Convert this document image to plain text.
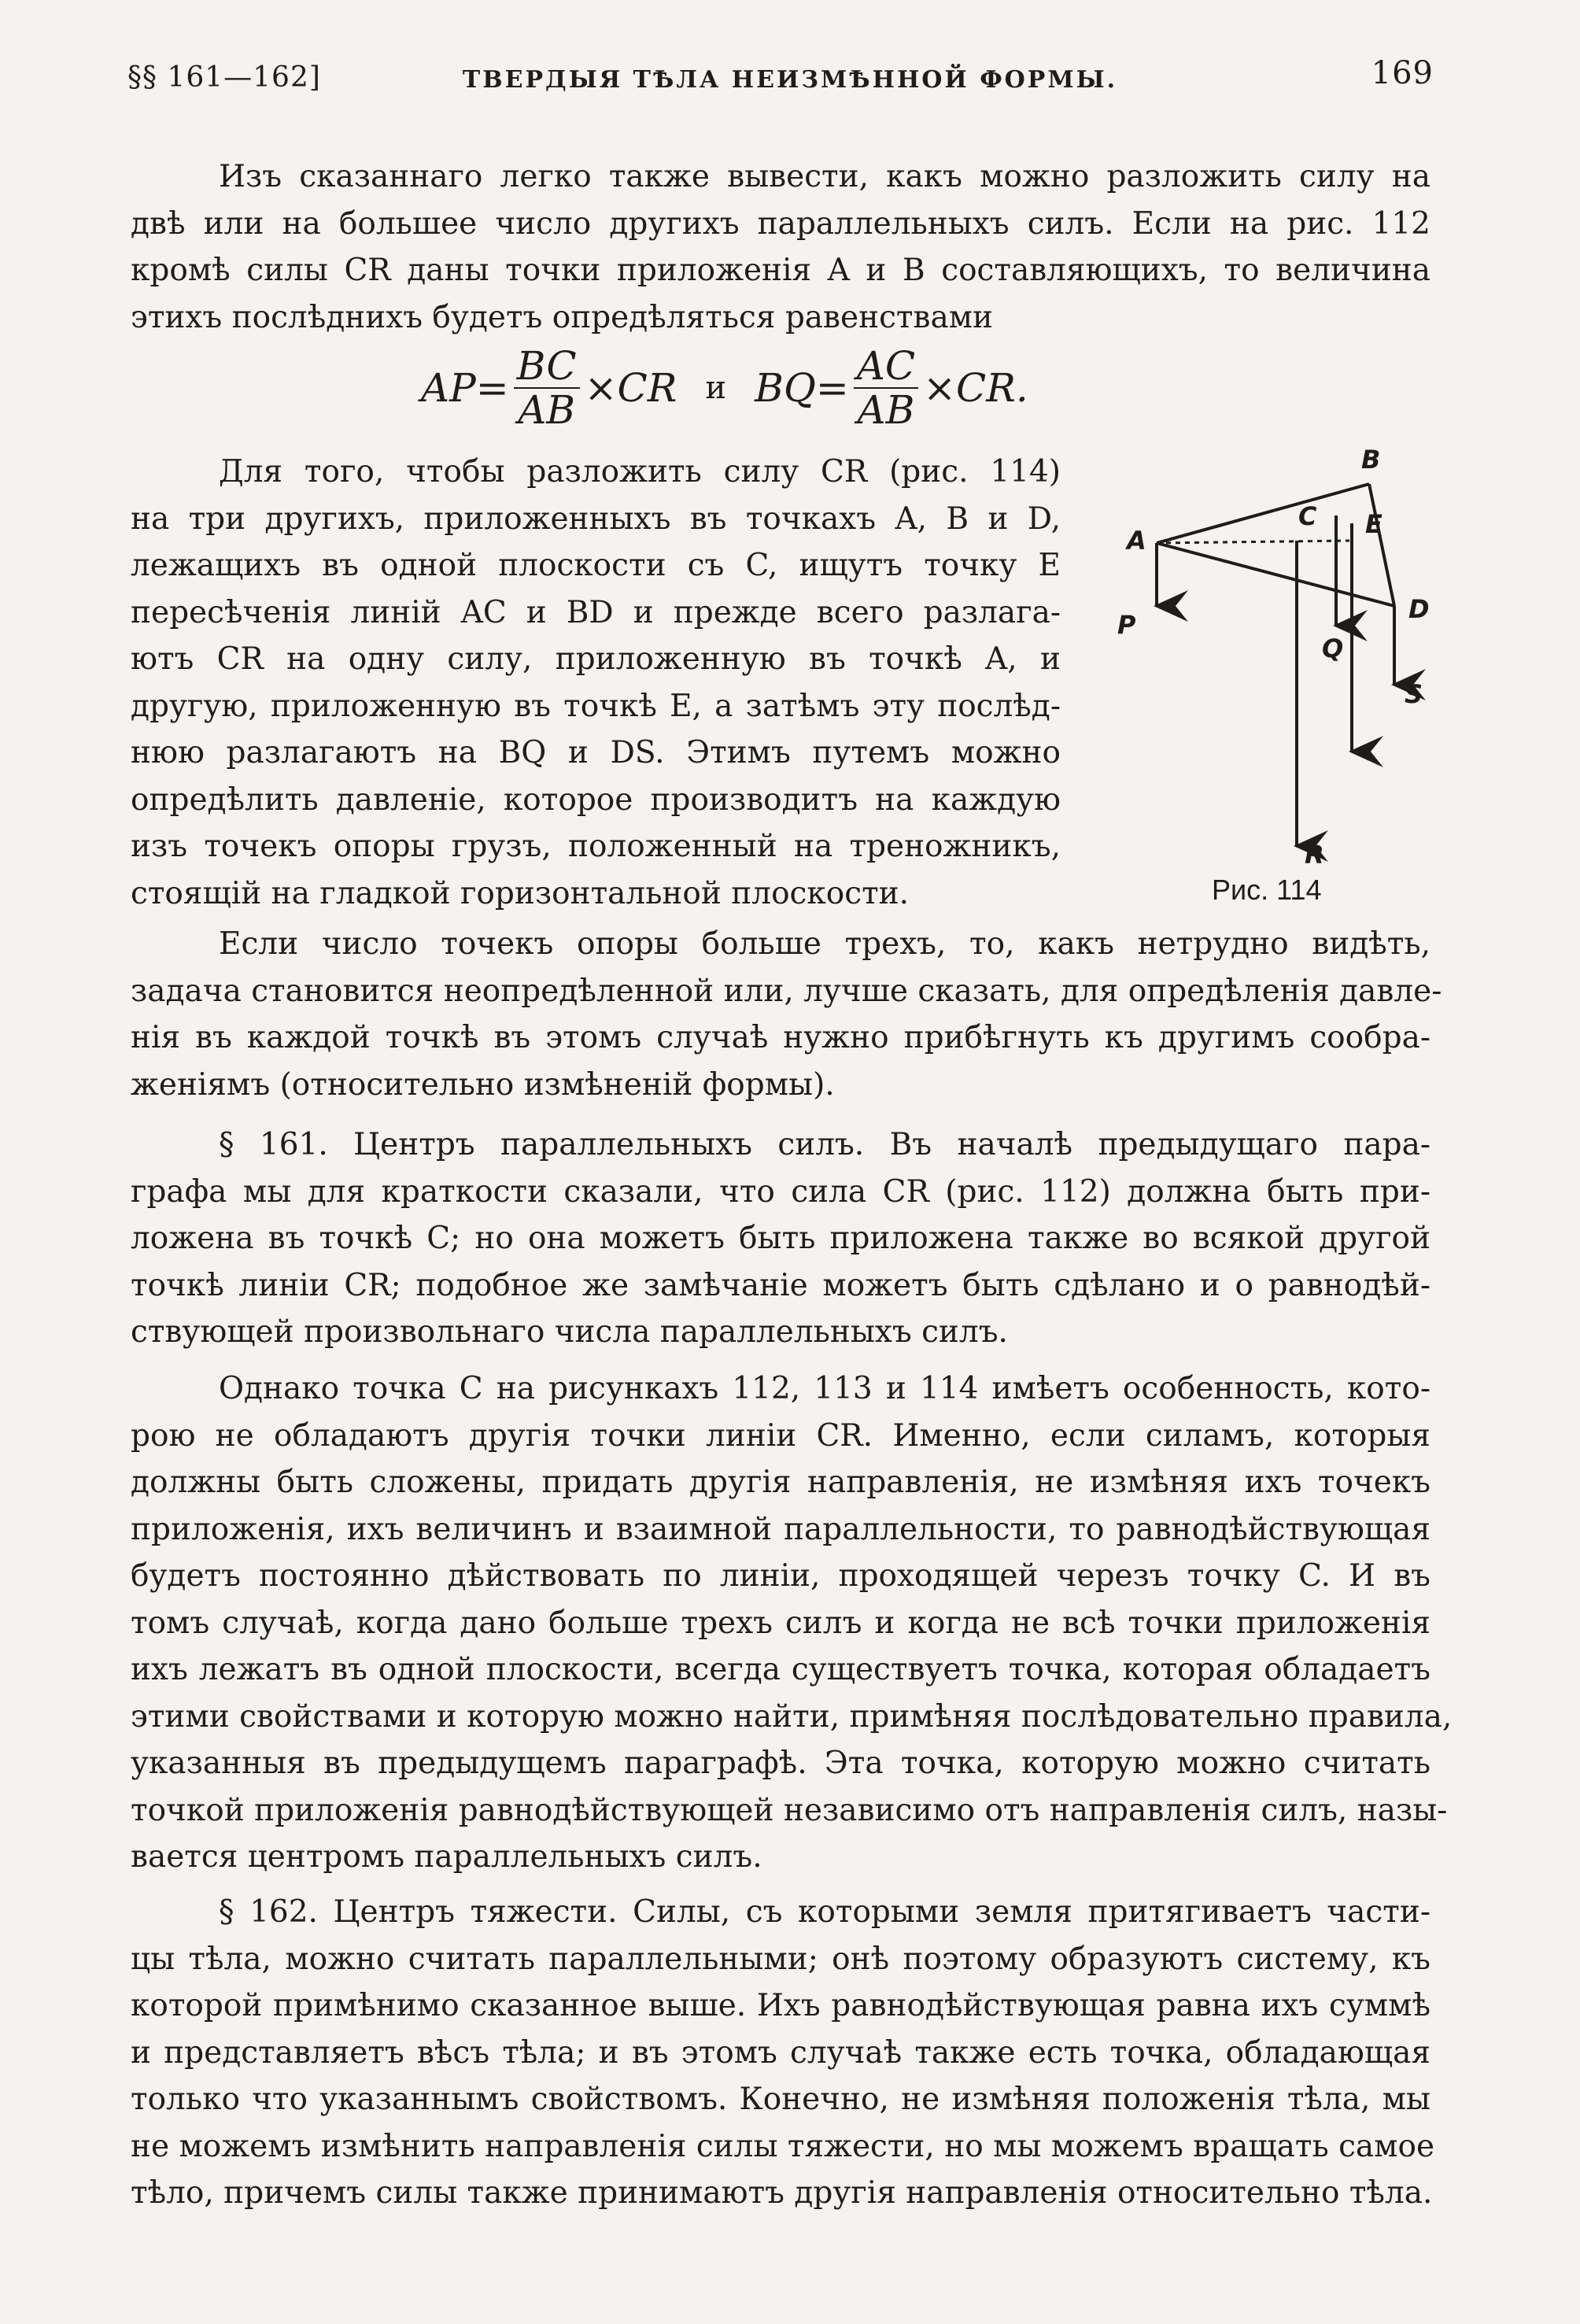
§§ 161—162]	ТВЕРДЫЯ ТѢЛА НЕИЗМѢННОЙ ФОРМЫ.	169
Изъ сказаннаго легко также вывести, какъ можно разложить силу на
двѣ или на большее число другихъ параллельныхъ силъ. Если на рис. 112
кромѣ силы CR даны точки приложенія A и B составляющихъ, то величина
этихъ послѣднихъ будетъ опредѣляться равенствами
$AP= \frac{BC}{AB} \times CR$ и $BQ= \frac{AC}{AB} \times CR$.
Для того, чтобы разложить силу CR (рис. 114)
на три другихъ, приложенныхъ въ точкахъ A, B и D,
лежащихъ въ одной плоскости съ C, ищутъ точку E
пересѣченія линій AC и BD и прежде всего разлага-
ютъ CR на одну силу, приложенную въ точкѣ A, и
другую, приложенную въ точкѣ E, а затѣмъ эту послѣд-
нюю разлагаютъ на BQ и DS. Этимъ путемъ можно
опредѣлить давленіе, которое производитъ на каждую
изъ точекъ опоры грузъ, положенный на треножникъ,
стоящій на гладкой горизонтальной плоскости.
A
B
C
D
E
P
Q
S
R
Рис. 114
Если число точекъ опоры больше трехъ, то, какъ нетрудно видѣть,
задача становится неопредѣленной или, лучше сказать, для опредѣленія давле-
нія въ каждой точкѣ въ этомъ случаѣ нужно прибѣгнуть къ другимъ сообра-
женіямъ (относительно измѣненій формы).
§ 161. Центръ параллельныхъ силъ. Въ началѣ предыдущаго пара-
графа мы для краткости сказали, что сила CR (рис. 112) должна быть при-
ложена въ точкѣ C; но она можетъ быть приложена также во всякой другой
точкѣ линіи CR; подобное же замѣчаніе можетъ быть сдѣлано и о равнодѣй-
ствующей произвольнаго числа параллельныхъ силъ.
Однако точка C на рисункахъ 112, 113 и 114 имѣетъ особенность, кото-
рою не обладаютъ другія точки линіи CR. Именно, если силамъ, которыя
должны быть сложены, придать другія направленія, не измѣняя ихъ точекъ
приложенія, ихъ величинъ и взаимной параллельности, то равнодѣйствующая
будетъ постоянно дѣйствовать по линіи, проходящей черезъ точку C. И въ
томъ случаѣ, когда дано больше трехъ силъ и когда не всѣ точки приложенія
ихъ лежатъ въ одной плоскости, всегда существуетъ точка, которая обладаетъ
этими свойствами и которую можно найти, примѣняя послѣдовательно правила,
указанныя въ предыдущемъ параграфѣ. Эта точка, которую можно считать
точкой приложенія равнодѣйствующей независимо отъ направленія силъ, назы-
вается центромъ параллельныхъ силъ.
§ 162. Центръ тяжести. Силы, съ которыми земля притягиваетъ части-
цы тѣла, можно считать параллельными; онѣ поэтому образуютъ систему, къ
которой примѣнимо сказанное выше. Ихъ равнодѣйствующая равна ихъ суммѣ
и представляетъ вѣсъ тѣла; и въ этомъ случаѣ также есть точка, обладающая
только что указаннымъ свойствомъ. Конечно, не измѣняя положенія тѣла, мы
не можемъ измѣнить направленія силы тяжести, но мы можемъ вращать самое
тѣло, причемъ силы также принимаютъ другія направленія относительно тѣла.
